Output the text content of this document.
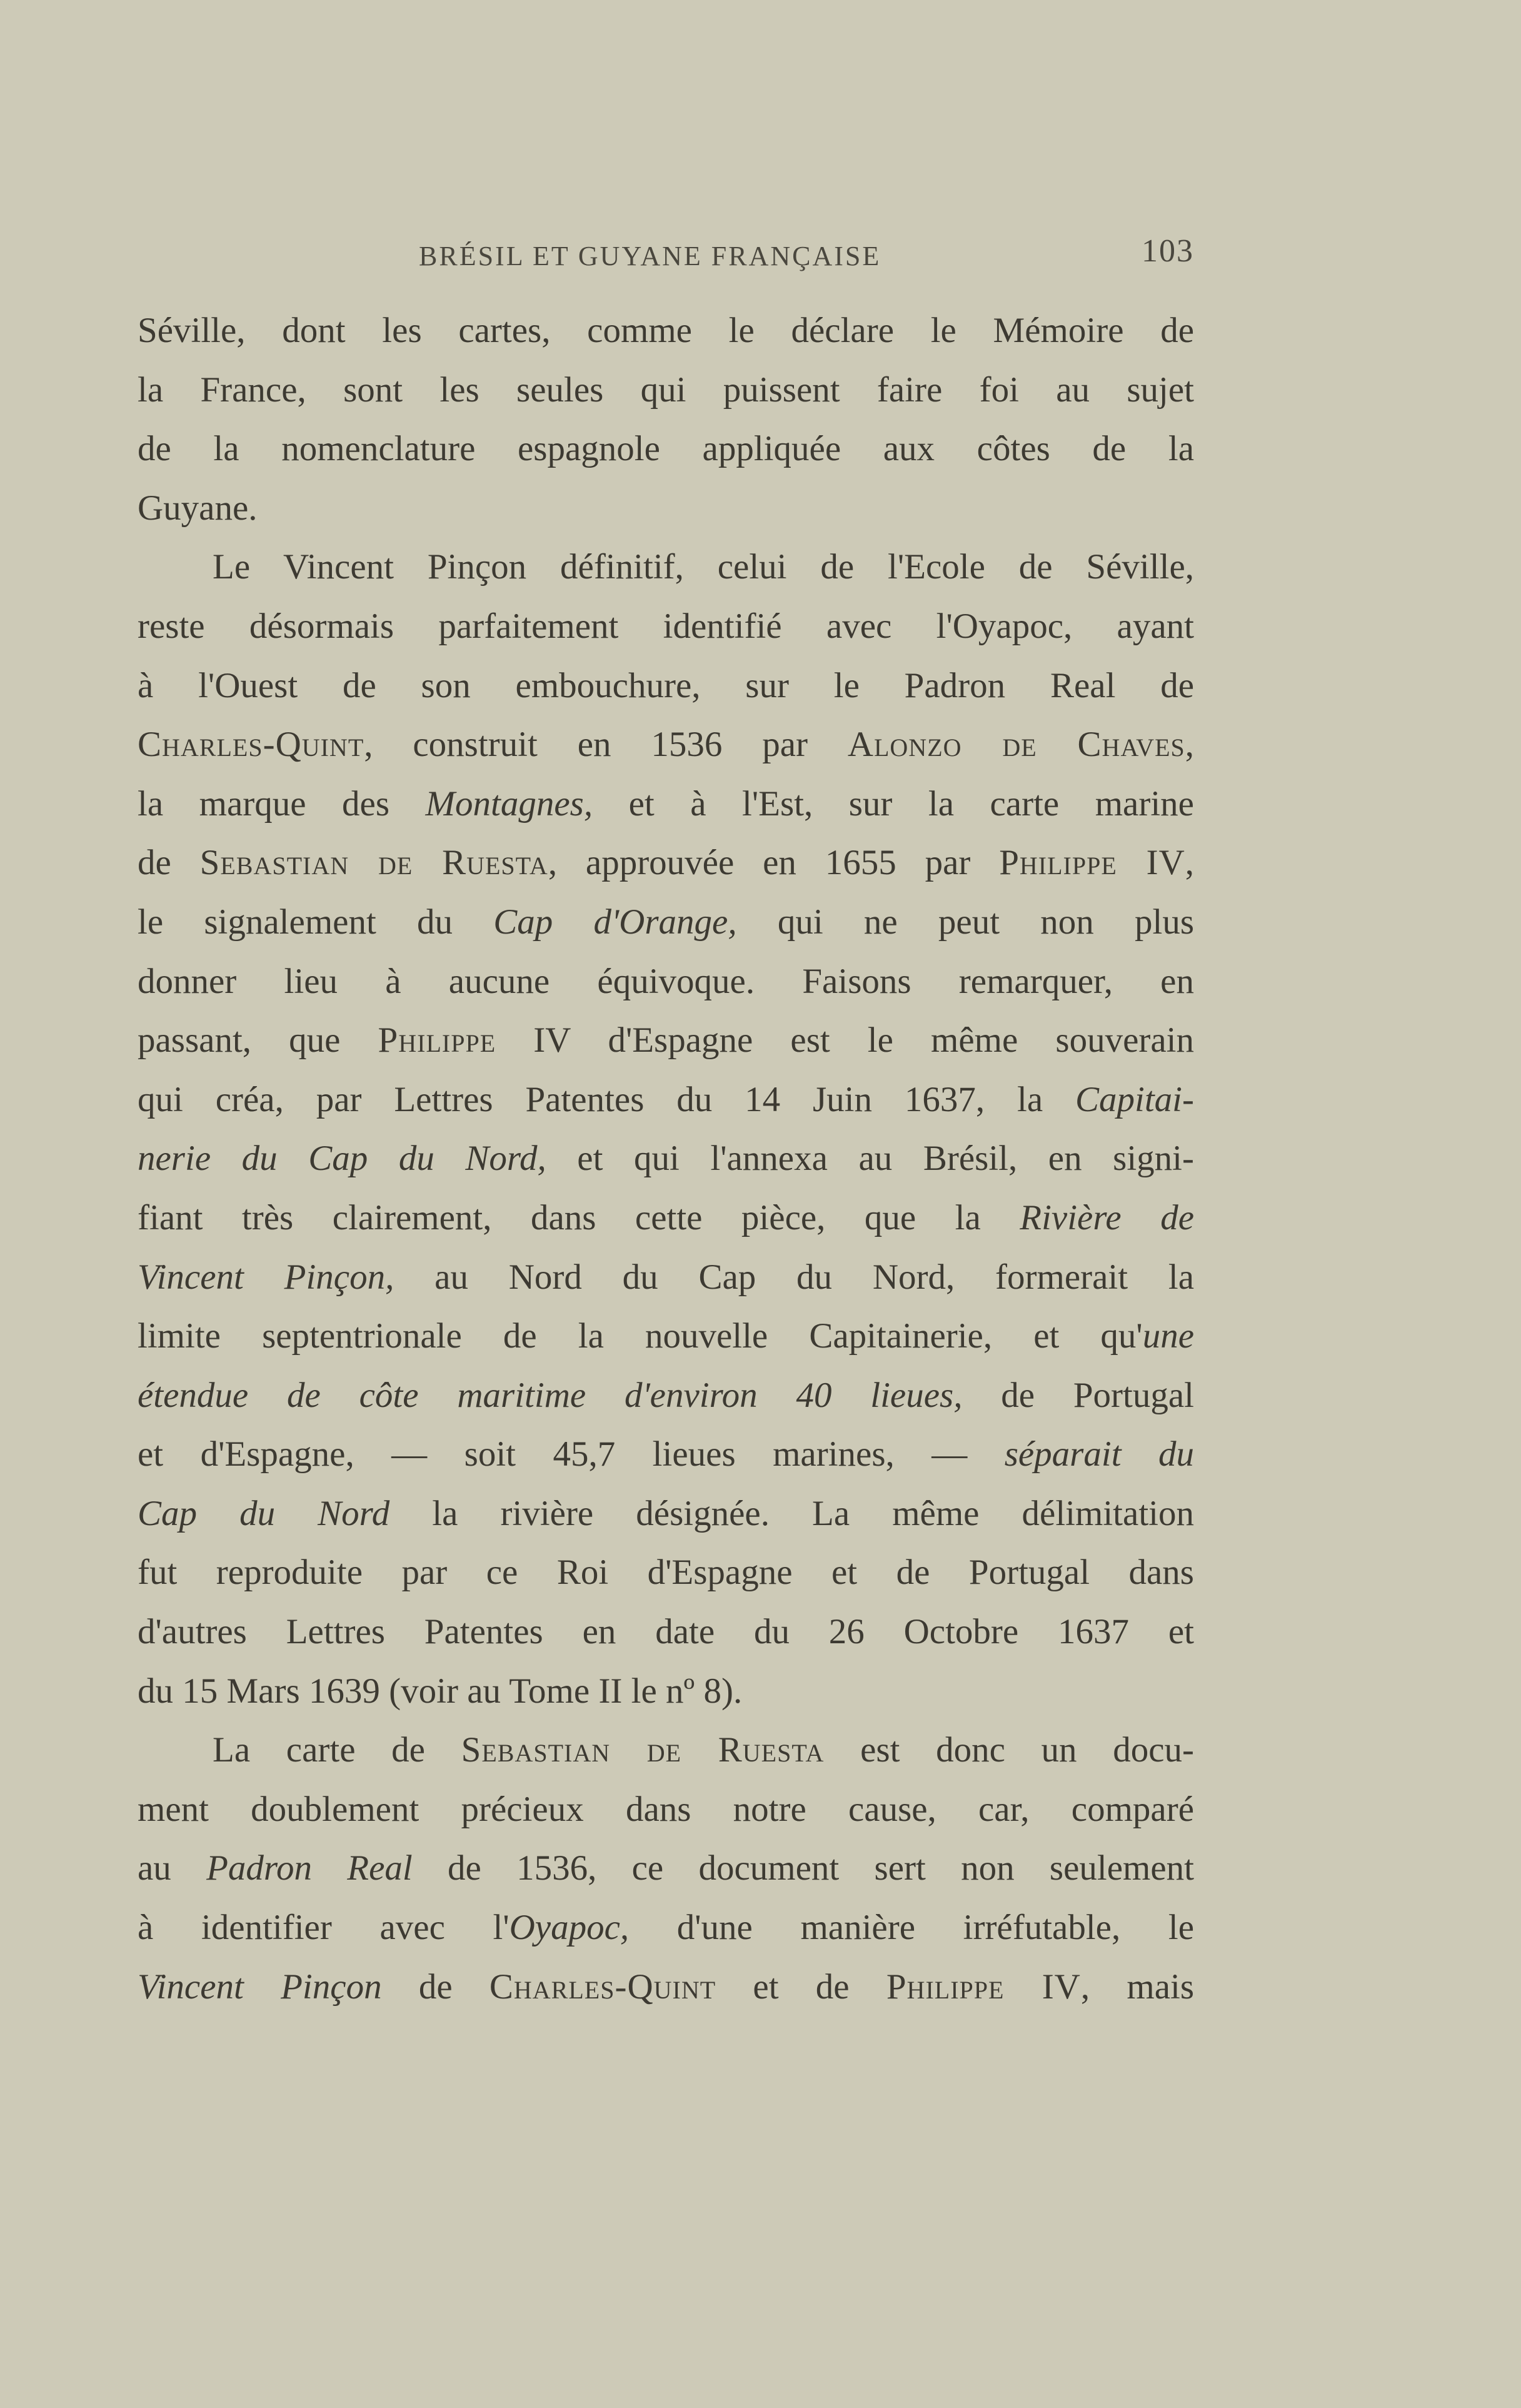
BRÉSIL ET GUYANE FRANÇAISE	103
Séville, dont les cartes, comme le déclare le Mémoire de
la France, sont les seules qui puissent faire foi au sujet
de la nomenclature espagnole appliquée aux côtes de la
Guyane.
Le Vincent Pinçon définitif, celui de l'Ecole de Séville,
reste désormais parfaitement identifié avec l'Oyapoc, ayant
à l'Ouest de son embouchure, sur le Padron Real de
Charles-Quint, construit en 1536 par Alonzo de Chaves,
la marque des Montagnes, et à l'Est, sur la carte marine
de Sebastian de Ruesta, approuvée en 1655 par Philippe IV,
le signalement du Cap d'Orange, qui ne peut non plus
donner lieu à aucune équivoque. Faisons remarquer, en
passant, que Philippe IV d'Espagne est le même souverain
qui créa, par Lettres Patentes du 14 Juin 1637, la Capitai-
nerie du Cap du Nord, et qui l'annexa au Brésil, en signi-
fiant très clairement, dans cette pièce, que la Rivière de
Vincent Pinçon, au Nord du Cap du Nord, formerait la
limite septentrionale de la nouvelle Capitainerie, et qu'une
étendue de côte maritime d'environ 40 lieues, de Portugal
et d'Espagne, — soit 45,7 lieues marines, — séparait du
Cap du Nord la rivière désignée. La même délimitation
fut reproduite par ce Roi d'Espagne et de Portugal dans
d'autres Lettres Patentes en date du 26 Octobre 1637 et
du 15 Mars 1639 (voir au Tome II le nº 8).
La carte de Sebastian de Ruesta est donc un docu-
ment doublement précieux dans notre cause, car, comparé
au Padron Real de 1536, ce document sert non seulement
à identifier avec l'Oyapoc, d'une manière irréfutable, le
Vincent Pinçon de Charles-Quint et de Philippe IV, mais
